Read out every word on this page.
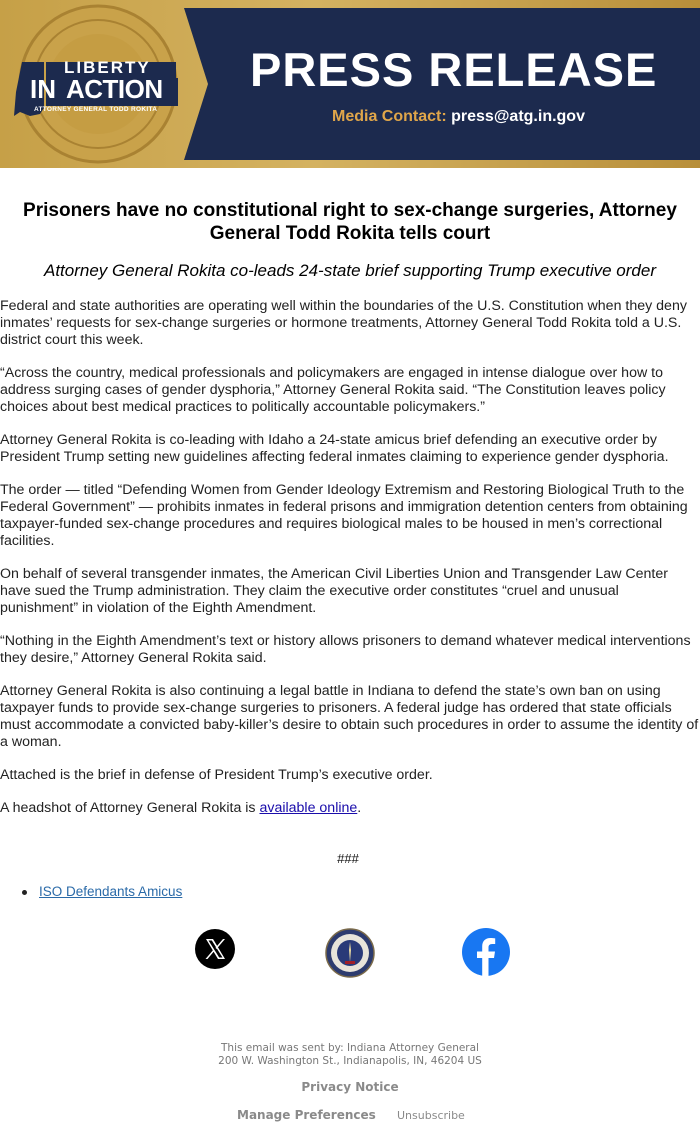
LIBERTY
IN ACTION
ATTORNEY GENERAL TODD ROKITA
PRESS RELEASE
Media Contact: press@atg.in.gov
Prisoners have no constitutional right to sex-change surgeries, Attorney General Todd Rokita tells court
Attorney General Rokita co-leads 24-state brief supporting Trump executive order

Federal and state authorities are operating well within the boundaries of the U.S. Constitution when they deny inmates’ requests for sex-change surgeries or hormone treatments, Attorney General Todd Rokita told a U.S. district court this week.

“Across the country, medical professionals and policymakers are engaged in intense dialogue over how to address surging cases of gender dysphoria,” Attorney General Rokita said. “The Constitution leaves policy choices about best medical practices to politically accountable policymakers.”

Attorney General Rokita is co-leading with Idaho a 24-state amicus brief defending an executive order by President Trump setting new guidelines affecting federal inmates claiming to experience gender dysphoria.

The order — titled “Defending Women from Gender Ideology Extremism and Restoring Biological Truth to the Federal Government” — prohibits inmates in federal prisons and immigration detention centers from obtaining taxpayer-funded sex-change procedures and requires biological males to be housed in men’s correctional facilities.

On behalf of several transgender inmates, the American Civil Liberties Union and Transgender Law Center have sued the Trump administration. They claim the executive order constitutes “cruel and unusual punishment” in violation of the Eighth Amendment.

“Nothing in the Eighth Amendment’s text or history allows prisoners to demand whatever medical interventions they desire,” Attorney General Rokita said.

Attorney General Rokita is also continuing a legal battle in Indiana to defend the state’s own ban on using taxpayer funds to provide sex-change surgeries to prisoners. A federal judge has ordered that state officials must accommodate a convicted baby-killer’s desire to obtain such procedures in order to assume the identity of a woman.

Attached is the brief in defense of President Trump’s executive order.

A headshot of Attorney General Rokita is available online.

###
ISO Defendants Amicus
This email was sent by: Indiana Attorney General
200 W. Washington St., Indianapolis, IN, 46204 US
Privacy Notice
Manage Preferences Unsubscribe
